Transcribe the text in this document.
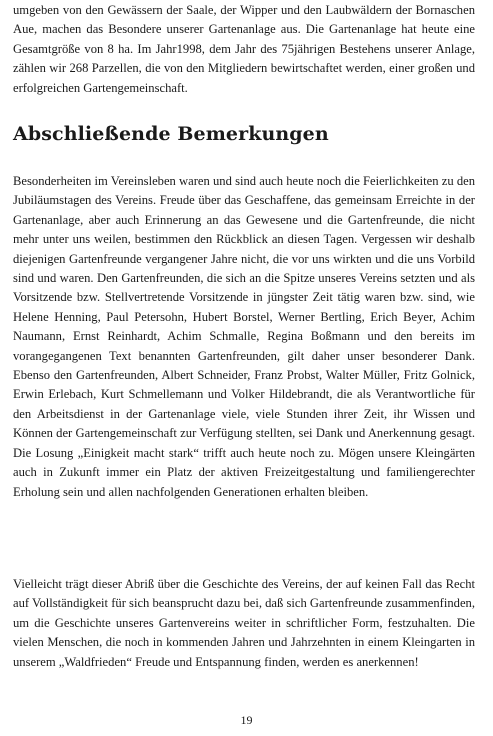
umgeben von den Gewässern der Saale, der Wipper und den Laubwäldern der Bornaschen Aue, machen das Besondere unserer Gartenanlage aus. Die Gartenanlage hat heute eine Gesamtgröße von 8 ha. Im Jahr1998, dem Jahr des 75jährigen Bestehens unserer Anlage, zählen wir 268 Parzellen, die von den Mitgliedern bewirtschaftet werden, einer großen und erfolgreichen Gartengemeinschaft.

Abschließende Bemerkungen

Besonderheiten im Vereinsleben waren und sind auch heute noch die Feierlichkeiten zu den Jubiläumstagen des Vereins. Freude über das Geschaffene, das gemeinsam Erreichte in der Gartenanlage, aber auch Erinnerung an das Gewesene und die Gartenfreunde, die nicht mehr unter uns weilen, bestimmen den Rückblick an diesen Tagen. Vergessen wir deshalb diejenigen Gartenfreunde vergangener Jahre nicht, die vor uns wirkten und die uns Vorbild sind und waren. Den Gartenfreunden, die sich an die Spitze unseres Vereins setzten und als Vorsitzende bzw. Stellvertretende Vorsitzende in jüngster Zeit tätig waren bzw. sind, wie Helene Henning, Paul Petersohn, Hubert Borstel, Werner Bertling, Erich Beyer, Achim Naumann, Ernst Reinhardt, Achim Schmalle, Regina Boßmann und den bereits im vorangegangenen Text benannten Gartenfreunden, gilt daher unser besonderer Dank. Ebenso den Gartenfreunden, Albert Schneider, Franz Probst, Walter Müller, Fritz Golnick, Erwin Erlebach, Kurt Schmellemann und Volker Hildebrandt, die als Verantwortliche für den Arbeitsdienst in der Gartenanlage viele, viele Stunden ihrer Zeit, ihr Wissen und Können der Gartengemeinschaft zur Verfügung stellten, sei Dank und Anerkennung gesagt. Die Losung „Einigkeit macht stark“ trifft auch heute noch zu. Mögen unsere Kleingärten auch in Zukunft immer ein Platz der aktiven Freizeitgestaltung und familiengerechter Erholung sein und allen nachfolgenden Generationen erhalten bleiben.

Vielleicht trägt dieser Abriß über die Geschichte des Vereins, der auf keinen Fall das Recht auf Vollständigkeit für sich beansprucht dazu bei, daß sich Gartenfreunde zusammenfinden, um die Geschichte unseres Gartenvereins weiter in schriftlicher Form, festzuhalten. Die vielen Menschen, die noch in kommenden Jahren und Jahrzehnten in einem Kleingarten in unserem „Waldfrieden“ Freude und Entspannung finden, werden es anerkennen!

19
